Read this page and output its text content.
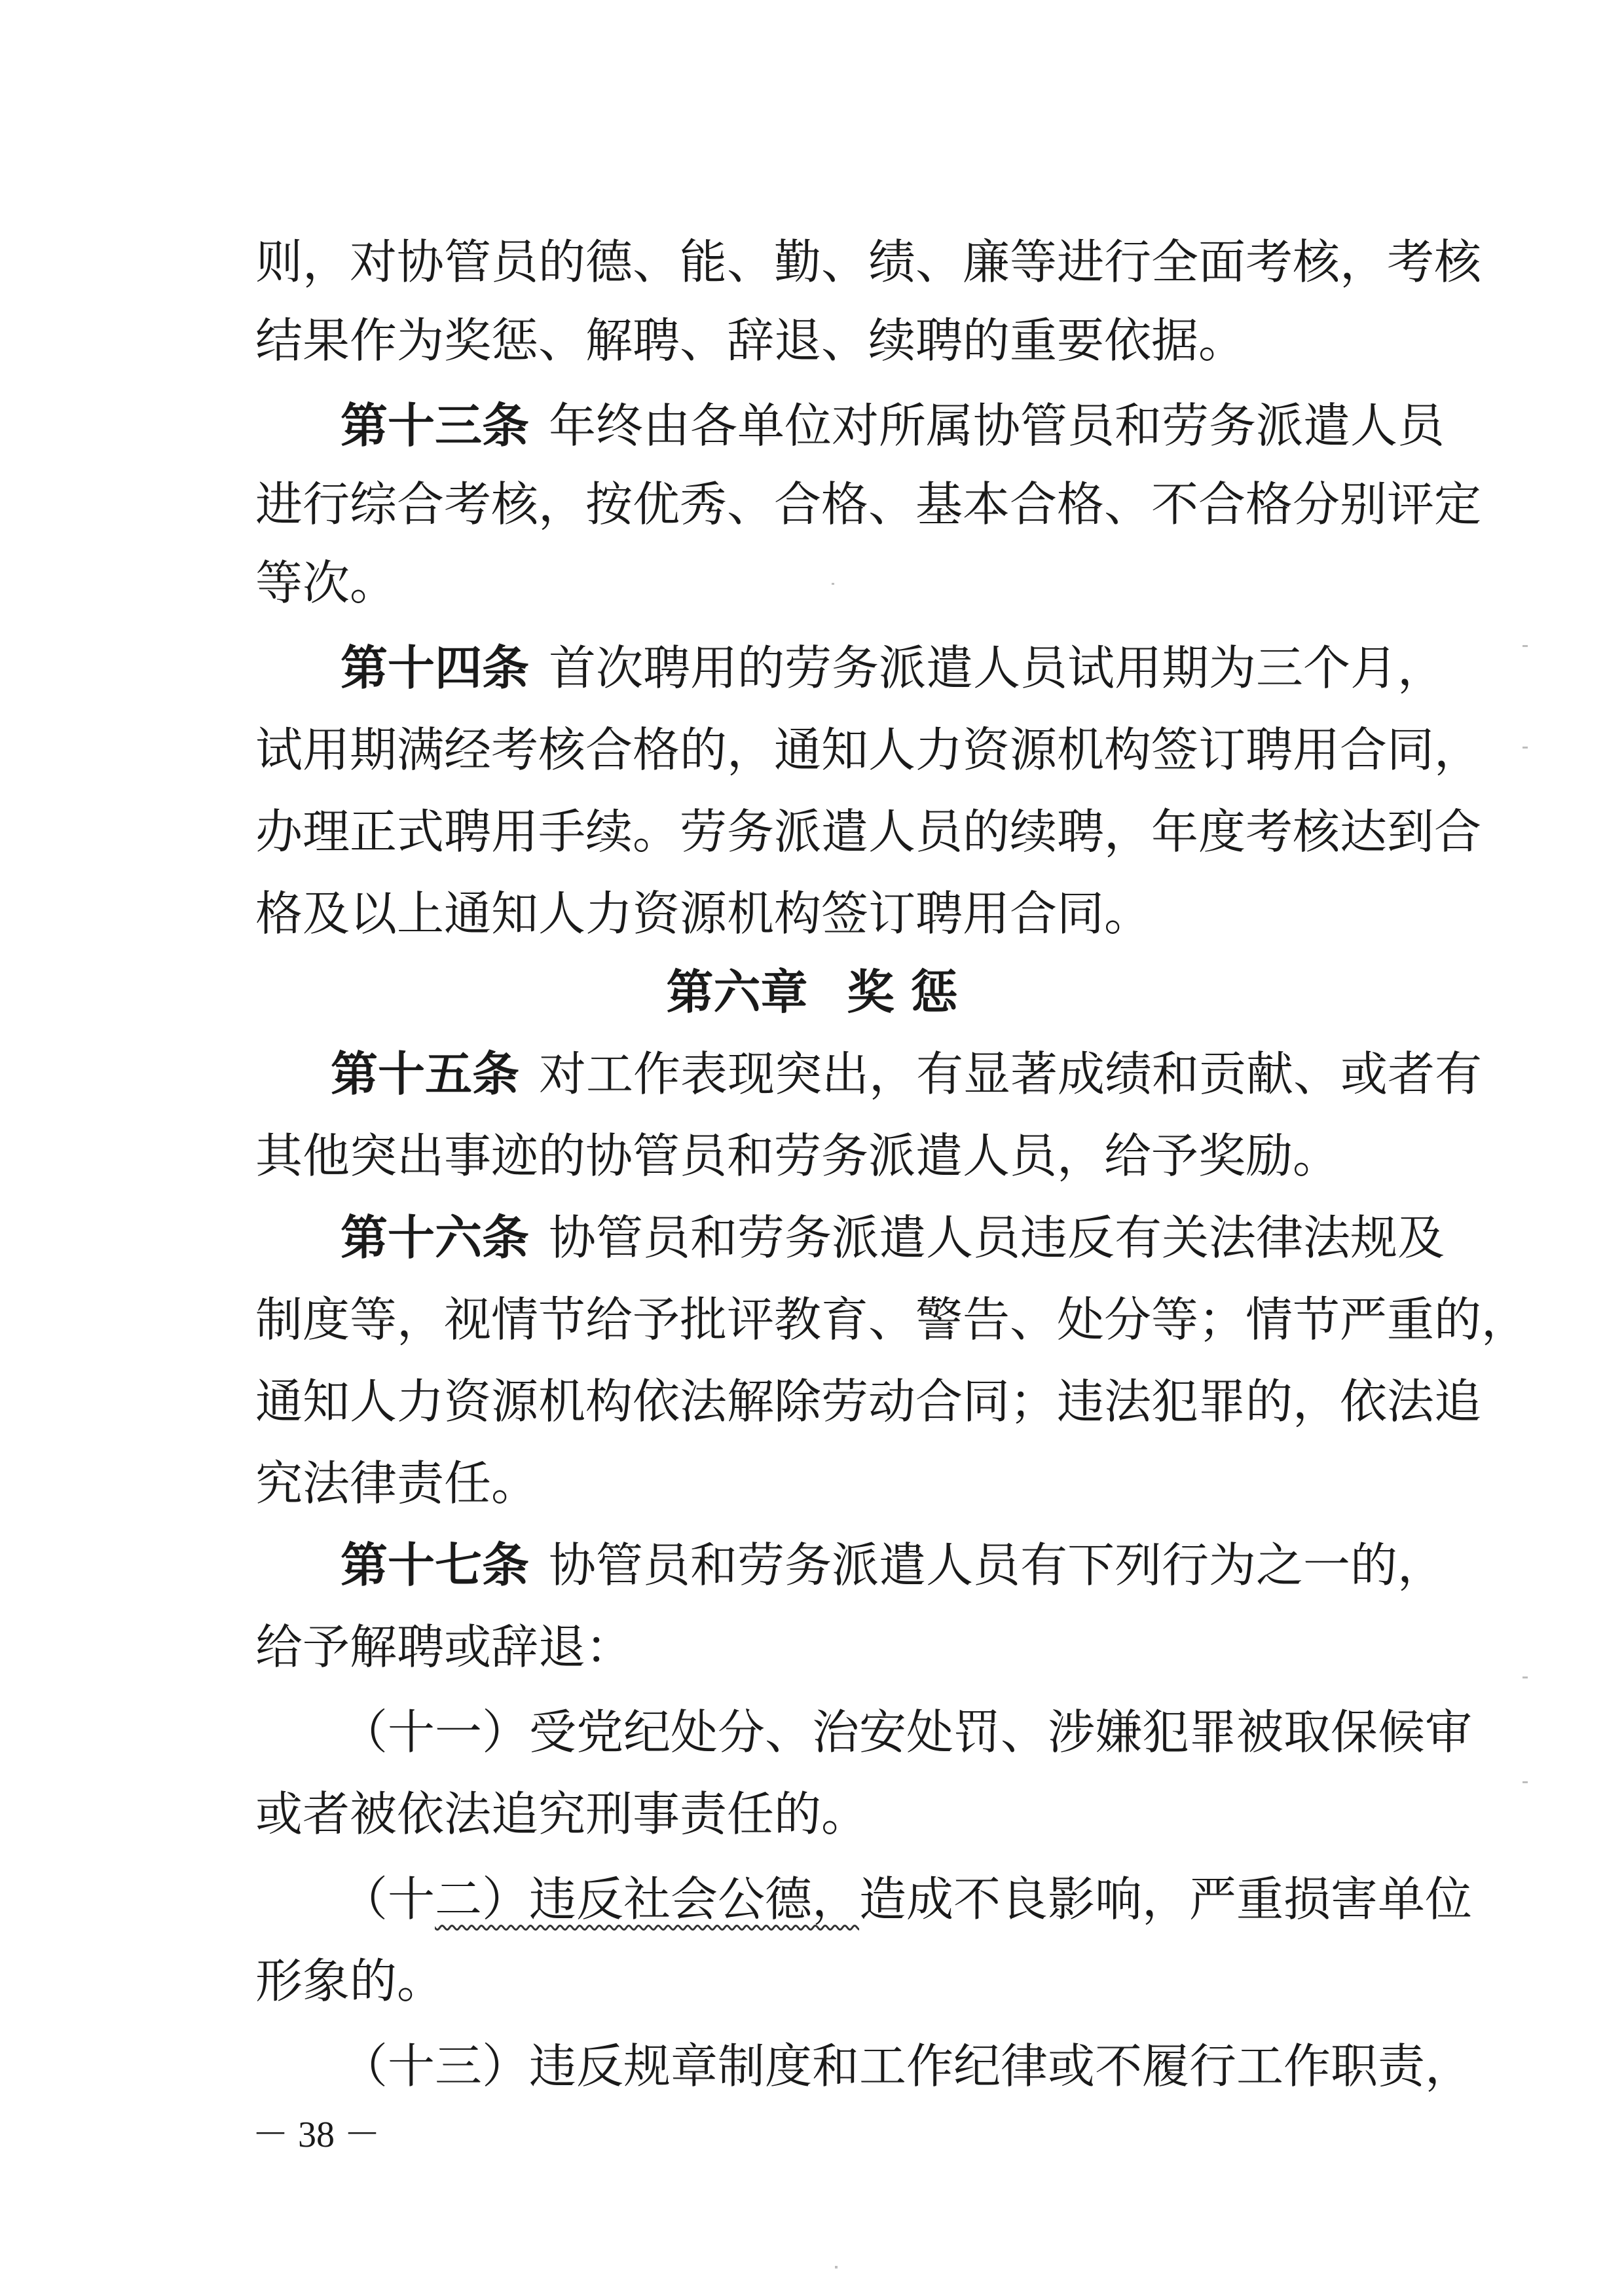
则，对协管员的德、能、勤、绩、廉等进行全面考核，考核
结果作为奖惩、解聘、辞退、续聘的重要依据。
第十三条 年终由各单位对所属协管员和劳务派遣人员
进行综合考核，按优秀、合格、基本合格、不合格分别评定
等次。
第十四条 首次聘用的劳务派遣人员试用期为三个月，
试用期满经考核合格的，通知人力资源机构签订聘用合同，
办理正式聘用手续。劳务派遣人员的续聘，年度考核达到合
格及以上通知人力资源机构签订聘用合同。
第六章 奖 惩
第十五条 对工作表现突出，有显著成绩和贡献、或者有
其他突出事迹的协管员和劳务派遣人员，给予奖励。
第十六条 协管员和劳务派遣人员违反有关法律法规及
制度等，视情节给予批评教育、警告、处分等；情节严重的，
通知人力资源机构依法解除劳动合同；违法犯罪的，依法追
究法律责任。
第十七条 协管员和劳务派遣人员有下列行为之一的，
给予解聘或辞退：
（十一）受党纪处分、治安处罚、涉嫌犯罪被取保候审
或者被依法追究刑事责任的。
（十二）违反社会公德，造成不良影响，严重损害单位
形象的。
（十三）违反规章制度和工作纪律或不履行工作职责，
－ 38 －
